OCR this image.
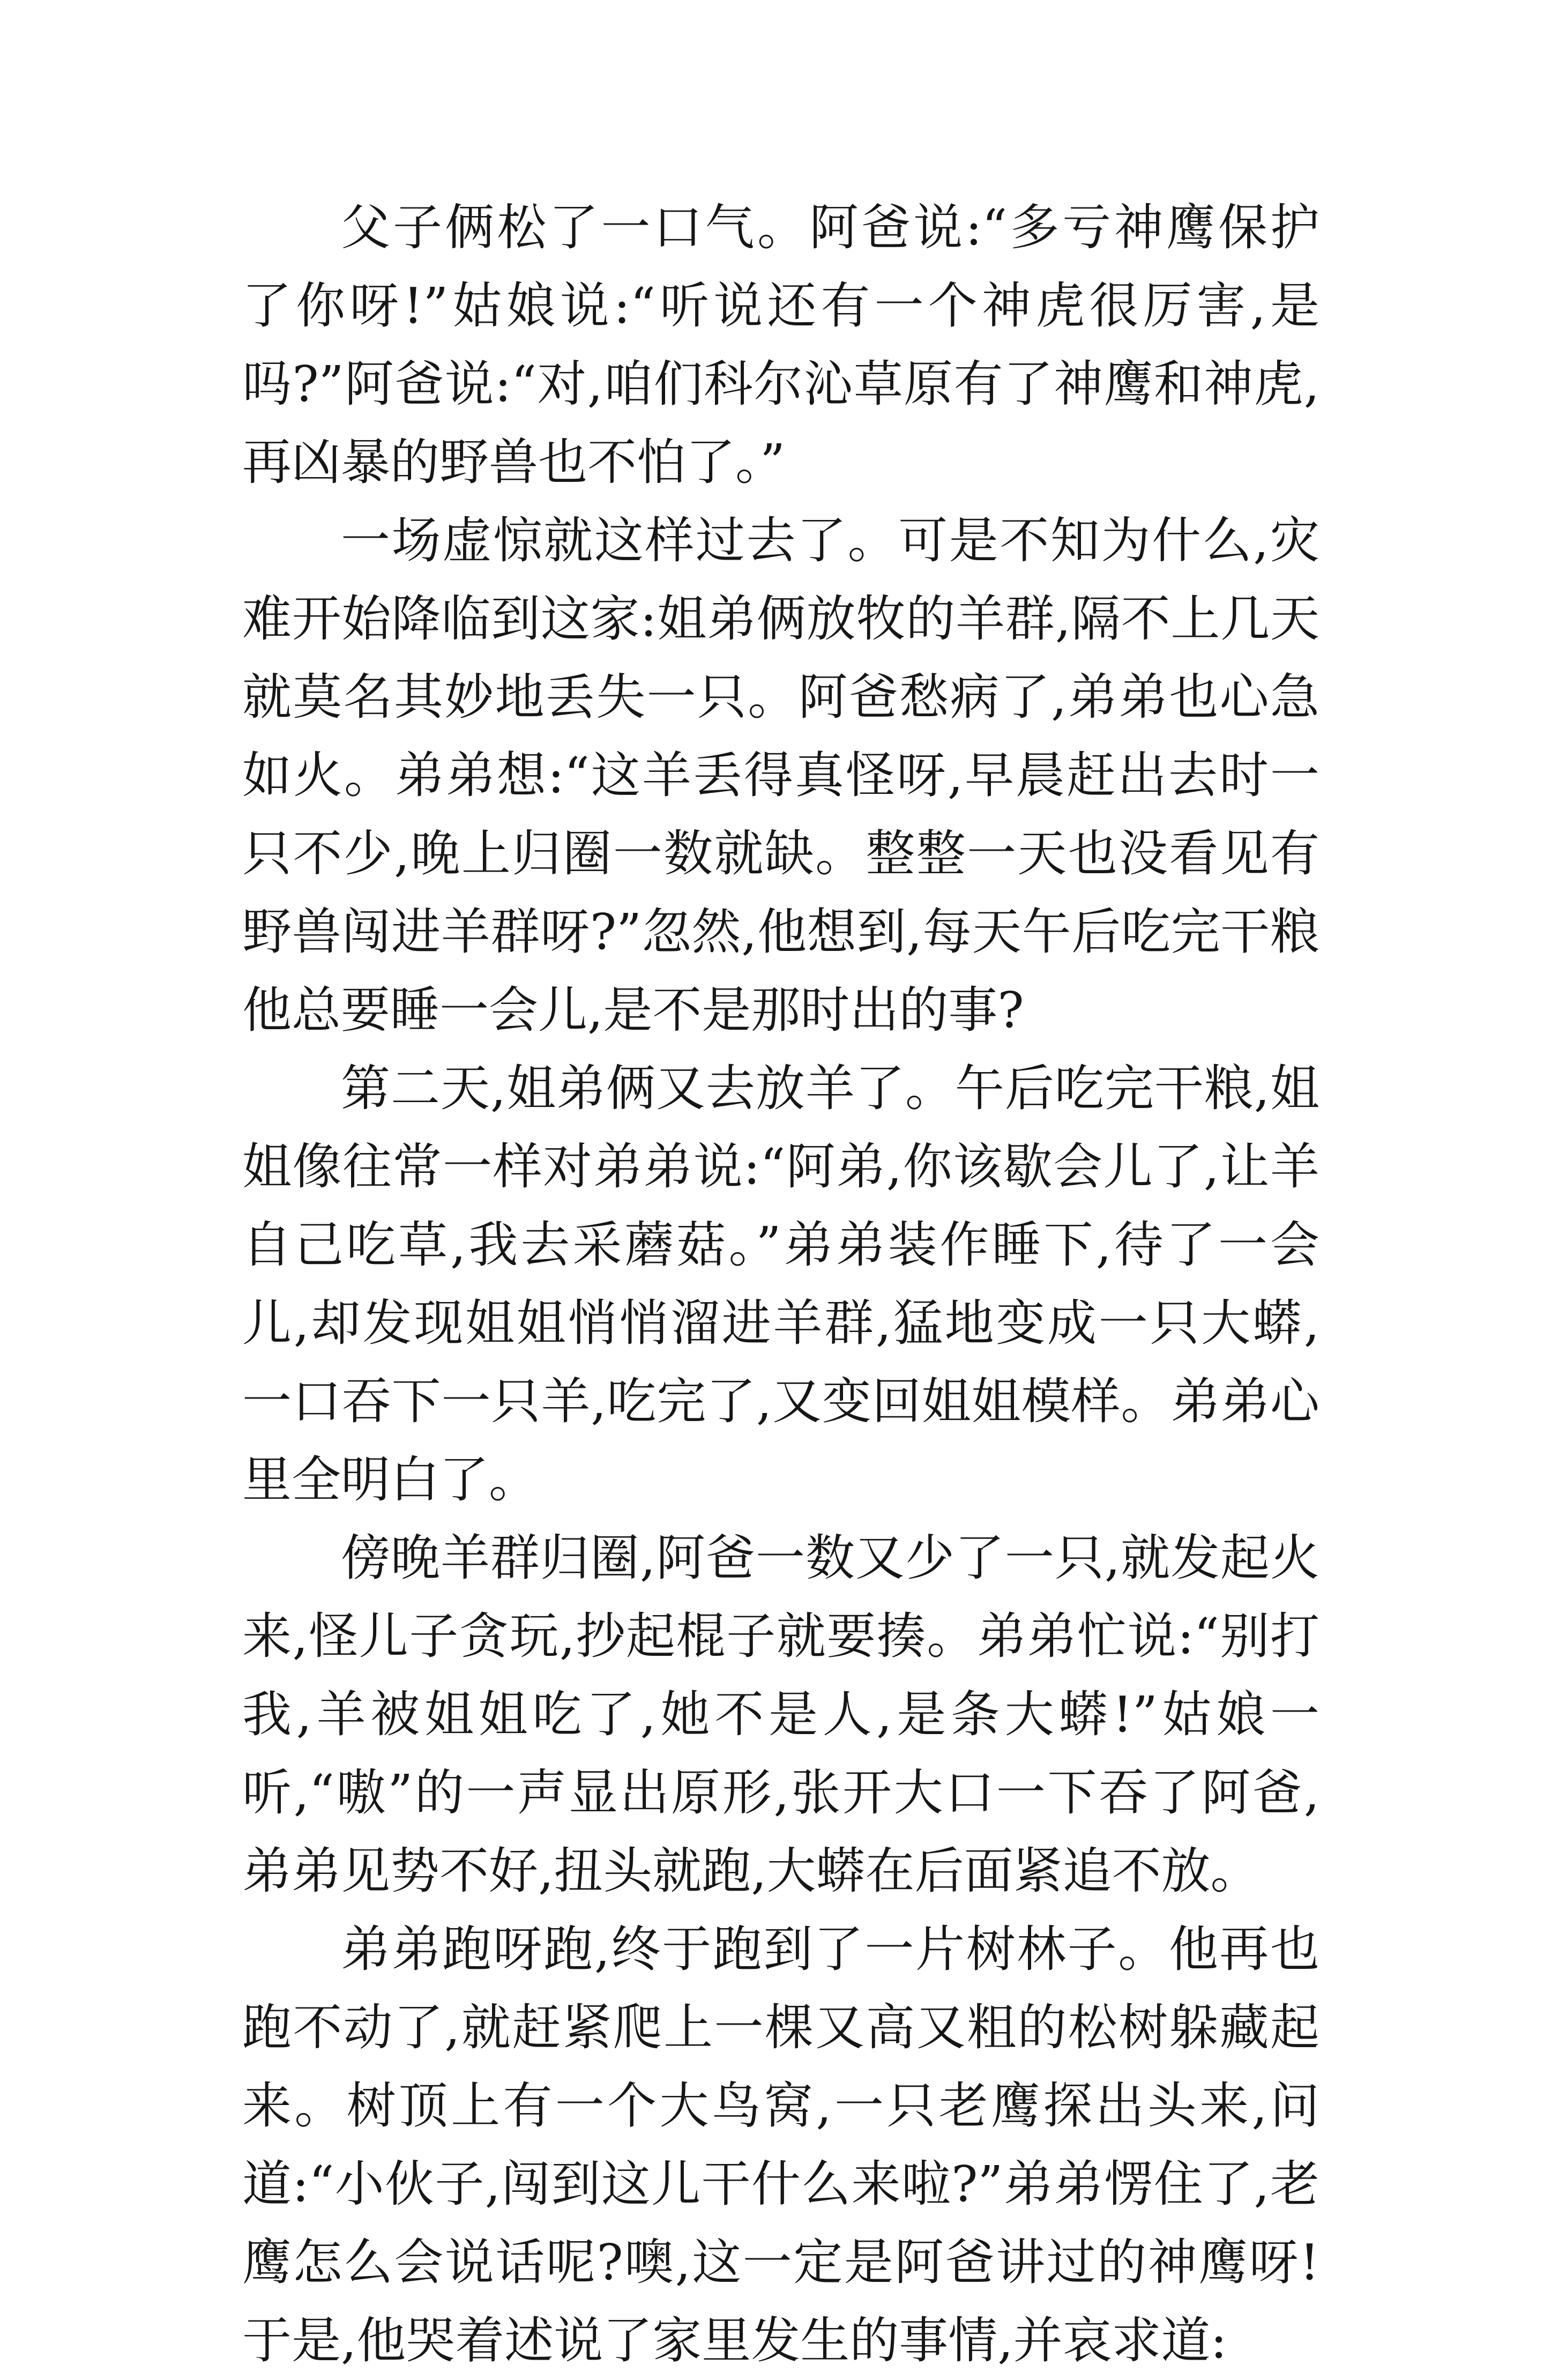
父子俩松了一口气。阿爸说:“多亏神鹰保护了你呀!”姑娘说:“听说还有一个神虎很厉害,是吗?”阿爸说:“对,咱们科尔沁草原有了神鹰和神虎,再凶暴的野兽也不怕了。”

一场虚惊就这样过去了。可是不知为什么,灾难开始降临到这家:姐弟俩放牧的羊群,隔不上几天就莫名其妙地丢失一只。阿爸愁病了,弟弟也心急如火。弟弟想:“这羊丢得真怪呀,早晨赶出去时一只不少,晚上归圈一数就缺。整整一天也没看见有野兽闯进羊群呀?”忽然,他想到,每天午后吃完干粮他总要睡一会儿,是不是那时出的事?

第二天,姐弟俩又去放羊了。午后吃完干粮,姐姐像往常一样对弟弟说:“阿弟,你该歇会儿了,让羊自己吃草,我去采蘑菇。”弟弟装作睡下,待了一会儿,却发现姐姐悄悄溜进羊群,猛地变成一只大蟒,一口吞下一只羊,吃完了,又变回姐姐模样。弟弟心里全明白了。

傍晚羊群归圈,阿爸一数又少了一只,就发起火来,怪儿子贪玩,抄起棍子就要揍。弟弟忙说:“别打我,羊被姐姐吃了,她不是人,是条大蟒!”姑娘一听,“嗷”的一声显出原形,张开大口一下吞了阿爸,弟弟见势不好,扭头就跑,大蟒在后面紧追不放。

弟弟跑呀跑,终于跑到了一片树林子。他再也跑不动了,就赶紧爬上一棵又高又粗的松树躲藏起来。树顶上有一个大鸟窝,一只老鹰探出头来,问道:“小伙子,闯到这儿干什么来啦?”弟弟愣住了,老鹰怎么会说话呢?噢,这一定是阿爸讲过的神鹰呀!于是,他哭着述说了家里发生的事情,并哀求道:
